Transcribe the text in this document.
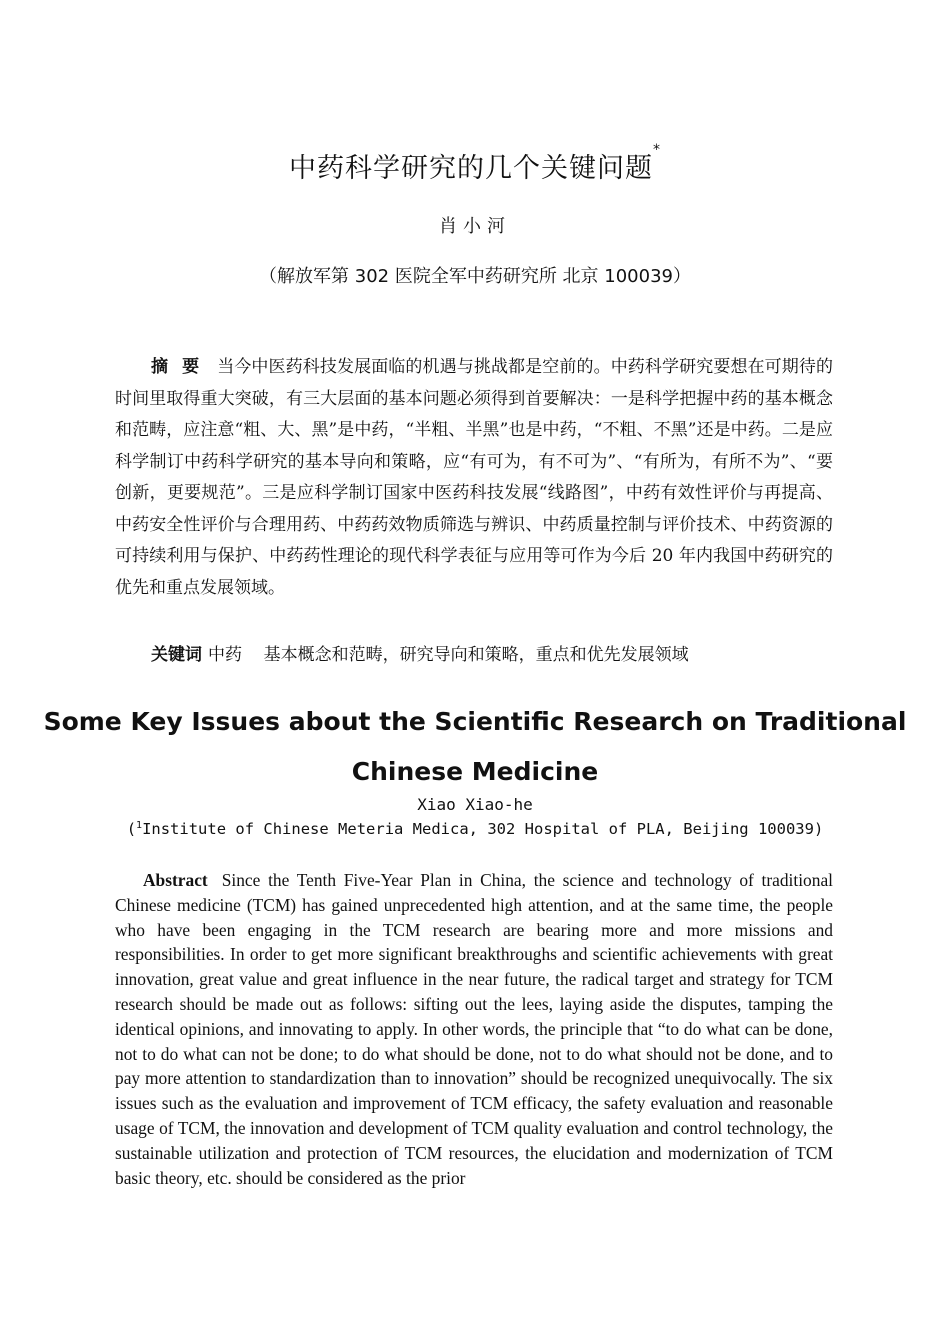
中药科学研究的几个关键问题*
肖小河
（解放军第 302 医院全军中药研究所 北京 100039）

摘要 当今中医药科技发展面临的机遇与挑战都是空前的。中药科学研究要想在可期待的时间里取得重大突破，有三大层面的基本问题必须得到首要解决：一是科学把握中药的基本概念和范畴，应注意“粗、大、黑”是中药，“半粗、半黑”也是中药，“不粗、不黑”还是中药。二是应科学制订中药科学研究的基本导向和策略，应“有可为，有不可为”、“有所为，有所不为”、“要创新，更要规范”。三是应科学制订国家中医药科技发展“线路图”，中药有效性评价与再提高、中药安全性评价与合理用药、中药药效物质筛选与辨识、中药质量控制与评价技术、中药资源的可持续利用与保护、中药药性理论的现代科学表征与应用等可作为今后 20 年内我国中药研究的优先和重点发展领域。

关键词 中药    基本概念和范畴，研究导向和策略，重点和优先发展领域

Some Key Issues about the Scientific Research on Traditional Chinese Medicine
Xiao Xiao-he
($^1$Institute of Chinese Meteria Medica, 302 Hospital of PLA, Beijing 100039)

Abstract Since the Tenth Five-Year Plan in China, the science and technology of traditional Chinese medicine (TCM) has gained unprecedented high attention, and at the same time, the people who have been engaging in the TCM research are bearing more and more missions and responsibilities. In order to get more significant breakthroughs and scientific achievements with great innovation, great value and great influence in the near future, the radical target and strategy for TCM research should be made out as follows: sifting out the lees, laying aside the disputes, tamping the identical opinions, and innovating to apply. In other words, the principle that “to do what can be done, not to do what can not be done; to do what should be done, not to do what should not be done, and to pay more attention to standardization than to innovation” should be recognized unequivocally. The six issues such as the evaluation and improvement of TCM efficacy, the safety evaluation and reasonable usage of TCM, the innovation and development of TCM quality evaluation and control technology, the sustainable utilization and protection of TCM resources, the elucidation and modernization of TCM basic theory, etc. should be considered as the prior
